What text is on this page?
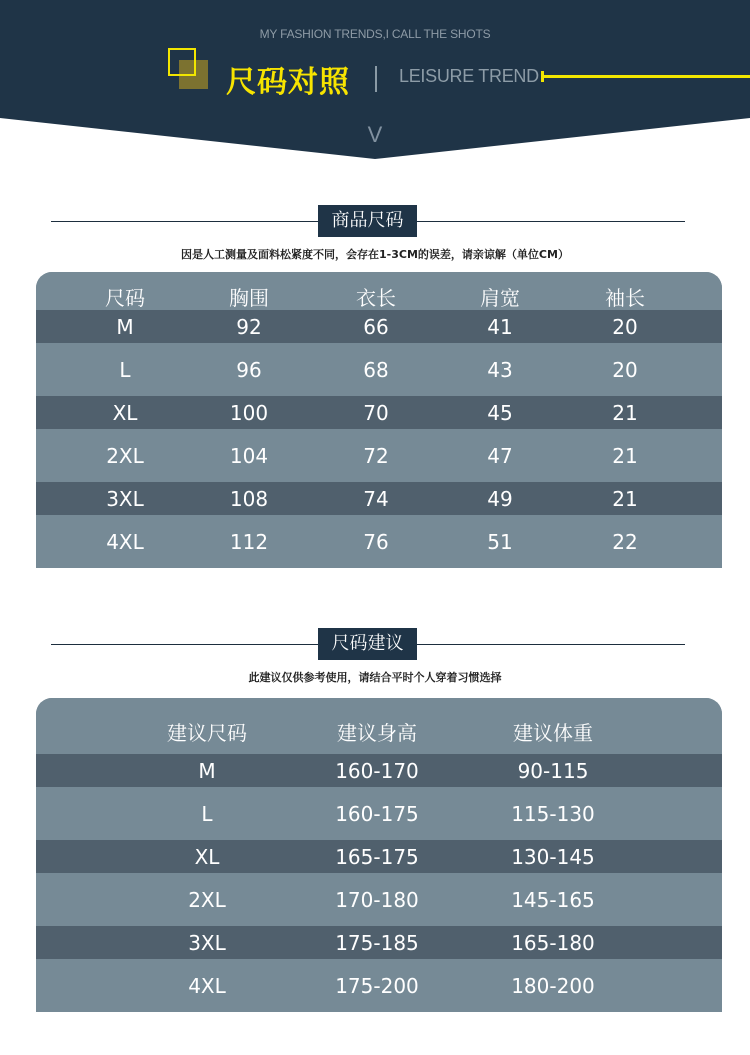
MY FASHION TRENDS,I CALL THE SHOTS
尺码对照	LEISURE TREND
V
商品尺码
因是人工测量及面料松紧度不同，会存在1-3CM的误差，请亲谅解（单位CM）
尺码	胸围	衣长	肩宽	袖长
M	92	66	41	20
L	96	68	43	20
XL	100	70	45	21
2XL	104	72	47	21
3XL	108	74	49	21
4XL	112	76	51	22
尺码建议
此建议仅供参考使用，请结合平时个人穿着习惯选择
建议尺码	建议身高	建议体重
M	160-170	90-115
L	160-175	115-130
XL	165-175	130-145
2XL	170-180	145-165
3XL	175-185	165-180
4XL	175-200	180-200
